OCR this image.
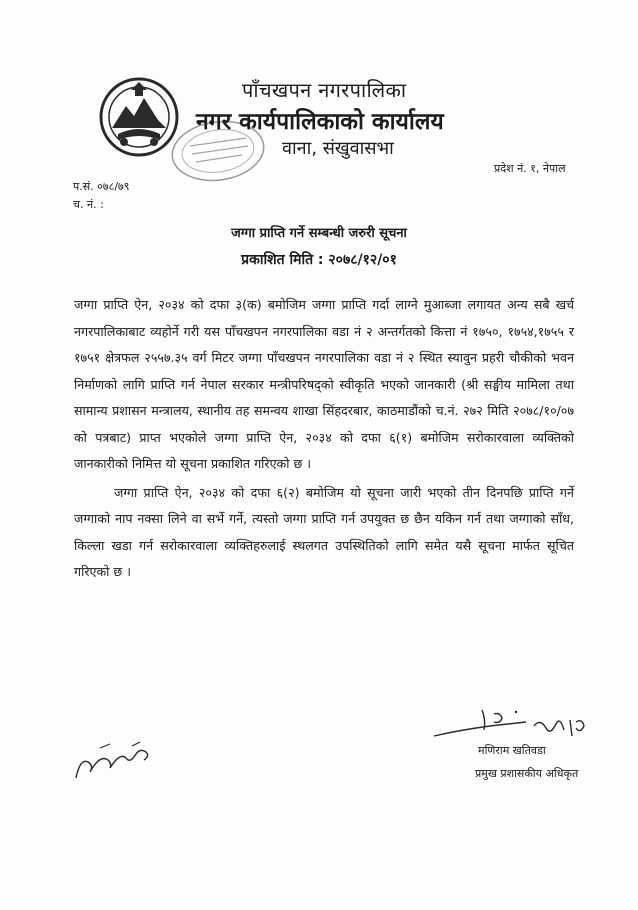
पाँचखपन नगरपालिका
नगर कार्यपालिकाको कार्यालय
वाना, संखुवासभा
प्रदेश नं. १, नेपाल
प.सं. ०७८/७९
च. नं. :
जग्गा प्राप्ति गर्ने सम्बन्धी जरुरी सूचना
प्रकाशित मिति : २०७८/१२/०१

जग्गा प्राप्ति ऐन, २०३४ को दफा ३(क) बमोजिम जग्गा प्राप्ति गर्दा लाग्ने मुआब्जा लगायत अन्य सबै खर्च नगरपालिकाबाट व्यहोर्ने गरी यस पाँचखपन नगरपालिका वडा नं २ अन्तर्गतको कित्ता नं १७५०, १७५४,१७५५ र १७५१ क्षेत्रफल २५५७.३५ वर्ग मिटर जग्गा पाँचखपन नगरपालिका वडा नं २ स्थित स्यावुन प्रहरी चौकीको भवन निर्माणको लागि प्राप्ति गर्न नेपाल सरकार मन्त्रीपरिषद्को स्वीकृति भएको जानकारी (श्री सङ्घीय मामिला तथा सामान्य प्रशासन मन्त्रालय, स्थानीय तह समन्वय शाखा सिंहदरबार, काठमाडौंको च.नं. २७२ मिति २०७८/१०/०७ को पत्रबाट) प्राप्त भएकोले जग्गा प्राप्ति ऐन, २०३४ को दफा ६(१) बमोजिम सरोकारवाला व्यक्तिको जानकारीको निमित्त यो सूचना प्रकाशित गरिएको छ ।

जग्गा प्राप्ति ऐन, २०३४ को दफा ६(२) बमोजिम यो सूचना जारी भएको तीन दिनपछि प्राप्ति गर्ने जग्गाको नाप नक्सा लिने वा सर्भे गर्ने, त्यस्तो जग्गा प्राप्ति गर्न उपयुक्त छ छैन यकिन गर्न तथा जग्गाको साँध, किल्ला खडा गर्न सरोकारवाला व्यक्तिहरुलाई स्थलगत उपस्थितिको लागि समेत यसै सूचना मार्फत सूचित गरिएको छ ।

मणिराम खतिवडा
प्रमुख प्रशासकीय अधिकृत
